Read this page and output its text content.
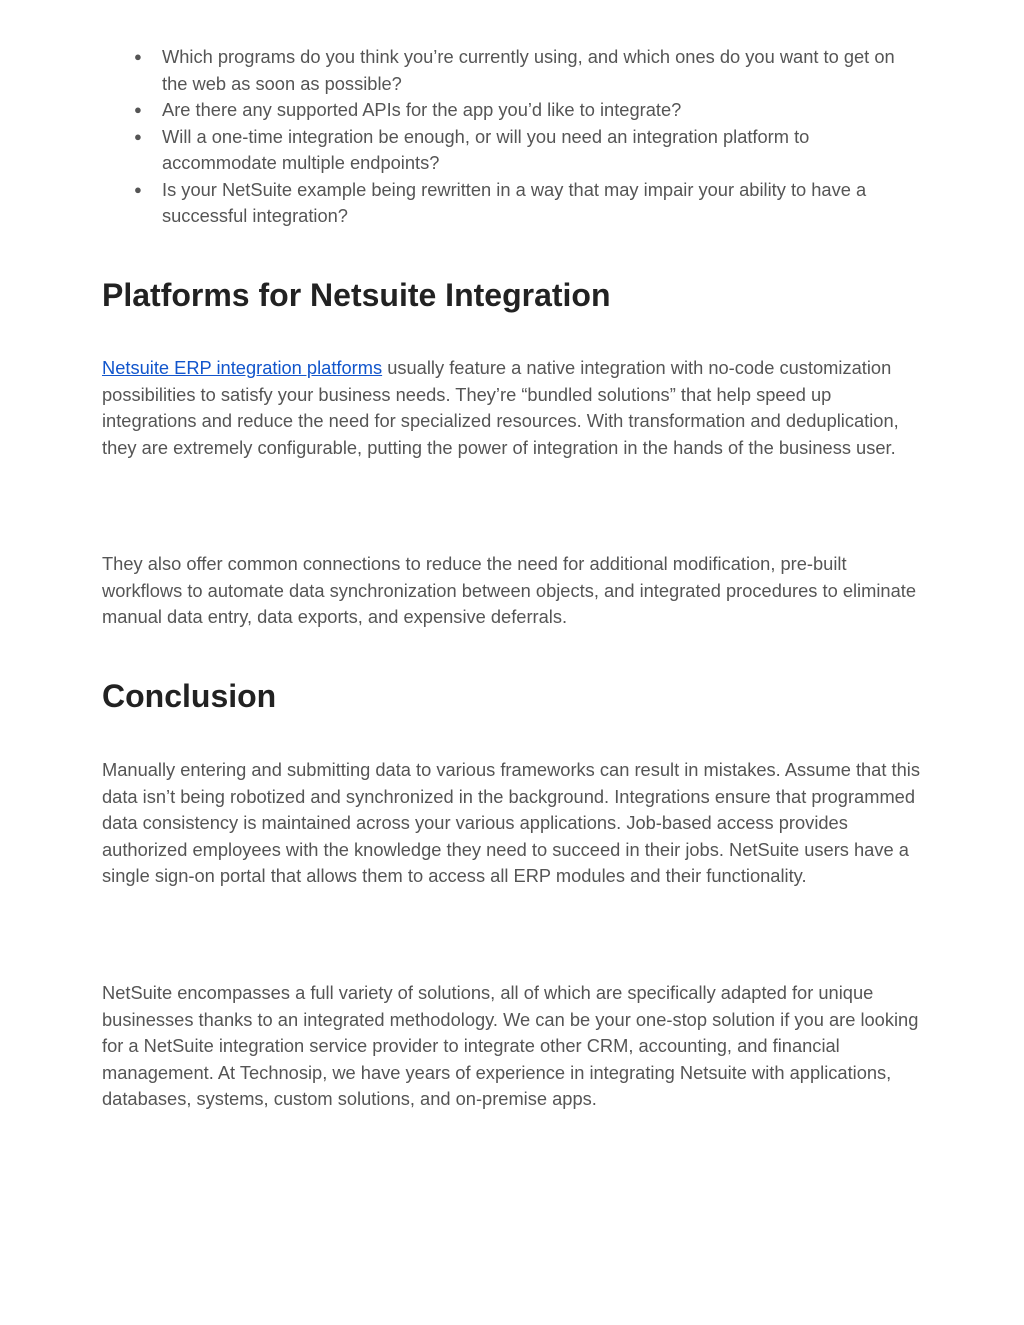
● Which programs do you think you’re currently using, and which ones do you want to get on the web as soon as possible?
● Are there any supported APIs for the app you’d like to integrate?
● Will a one-time integration be enough, or will you need an integration platform to accommodate multiple endpoints?
● Is your NetSuite example being rewritten in a way that may impair your ability to have a successful integration?
Platforms for Netsuite Integration

Netsuite ERP integration platforms usually feature a native integration with no-code customization possibilities to satisfy your business needs. They’re “bundled solutions” that help speed up integrations and reduce the need for specialized resources. With transformation and deduplication, they are extremely configurable, putting the power of integration in the hands of the business user.

They also offer common connections to reduce the need for additional modification, pre-built workflows to automate data synchronization between objects, and integrated procedures to eliminate manual data entry, data exports, and expensive deferrals.

Conclusion

Manually entering and submitting data to various frameworks can result in mistakes. Assume that this data isn’t being robotized and synchronized in the background. Integrations ensure that programmed data consistency is maintained across your various applications. Job-based access provides authorized employees with the knowledge they need to succeed in their jobs. NetSuite users have a single sign-on portal that allows them to access all ERP modules and their functionality.

NetSuite encompasses a full variety of solutions, all of which are specifically adapted for unique businesses thanks to an integrated methodology. We can be your one-stop solution if you are looking for a NetSuite integration service provider to integrate other CRM, accounting, and financial management. At Technosip, we have years of experience in integrating Netsuite with applications, databases, systems, custom solutions, and on-premise apps.
